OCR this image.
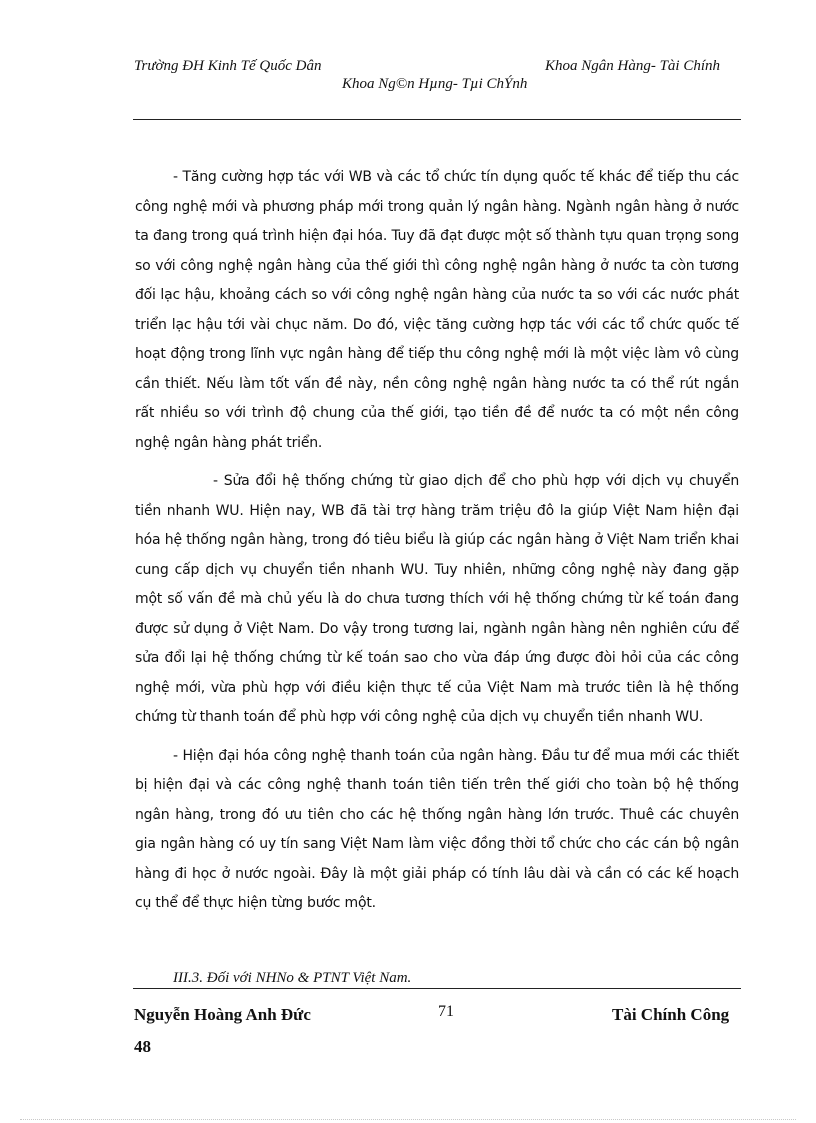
Trường ĐH Kinh Tế Quốc Dân	Khoa Ngân Hàng- Tài Chính
Khoa Ng©n Hµng- Tµi ChÝnh

- Tăng cường hợp tác với WB và các tổ chức tín dụng quốc tế khác để tiếp thu các công nghệ mới và phương pháp mới trong quản lý ngân hàng. Ngành ngân hàng ở nước ta đang trong quá trình hiện đại hóa. Tuy đã đạt được một số thành tựu quan trọng song so với công nghệ ngân hàng của thế giới thì công nghệ ngân hàng ở nước ta còn tương đối lạc hậu, khoảng cách so với công nghệ ngân hàng của nước ta so với các nước phát triển lạc hậu tới vài chục năm. Do đó, việc tăng cường hợp tác với các tổ chức quốc tế hoạt động trong lĩnh vực ngân hàng để tiếp thu công nghệ mới là một việc làm vô cùng cần thiết. Nếu làm tốt vấn đề này, nền công nghệ ngân hàng nước ta có thể rút ngắn rất nhiều so với trình độ chung của thế giới, tạo tiền đề để nước ta có một nền công nghệ ngân hàng phát triển.

- Sửa đổi hệ thống chứng từ giao dịch để cho phù hợp với dịch vụ chuyển tiền nhanh WU. Hiện nay, WB đã tài trợ hàng trăm triệu đô la giúp Việt Nam hiện đại hóa hệ thống ngân hàng, trong đó tiêu biểu là giúp các ngân hàng ở Việt Nam triển khai cung cấp dịch vụ chuyển tiền nhanh WU. Tuy nhiên, những công nghệ này đang gặp một số vấn đề mà chủ yếu là do chưa tương thích với hệ thống chứng từ kế toán đang được sử dụng ở Việt Nam. Do vậy trong tương lai, ngành ngân hàng nên nghiên cứu để sửa đổi lại hệ thống chứng từ kế toán sao cho vừa đáp ứng được đòi hỏi của các công nghệ mới, vừa phù hợp với điều kiện thực tế của Việt Nam mà trước tiên là hệ thống chứng từ thanh toán để phù hợp với công nghệ của dịch vụ chuyển tiền nhanh WU.

- Hiện đại hóa công nghệ thanh toán của ngân hàng. Đầu tư để mua mới các thiết bị hiện đại và các công nghệ thanh toán tiên tiến trên thế giới cho toàn bộ hệ thống ngân hàng, trong đó ưu tiên cho các hệ thống ngân hàng lớn trước. Thuê các chuyên gia ngân hàng có uy tín sang Việt Nam làm việc đồng thời tổ chức cho các cán bộ ngân hàng đi học ở nước ngoài. Đây là một giải pháp có tính lâu dài và cần có các kế hoạch cụ thể để thực hiện từng bước một.

III.3. Đối với NHNo & PTNT Việt Nam.
Nguyễn Hoàng Anh Đức	71	Tài Chính Công
48
